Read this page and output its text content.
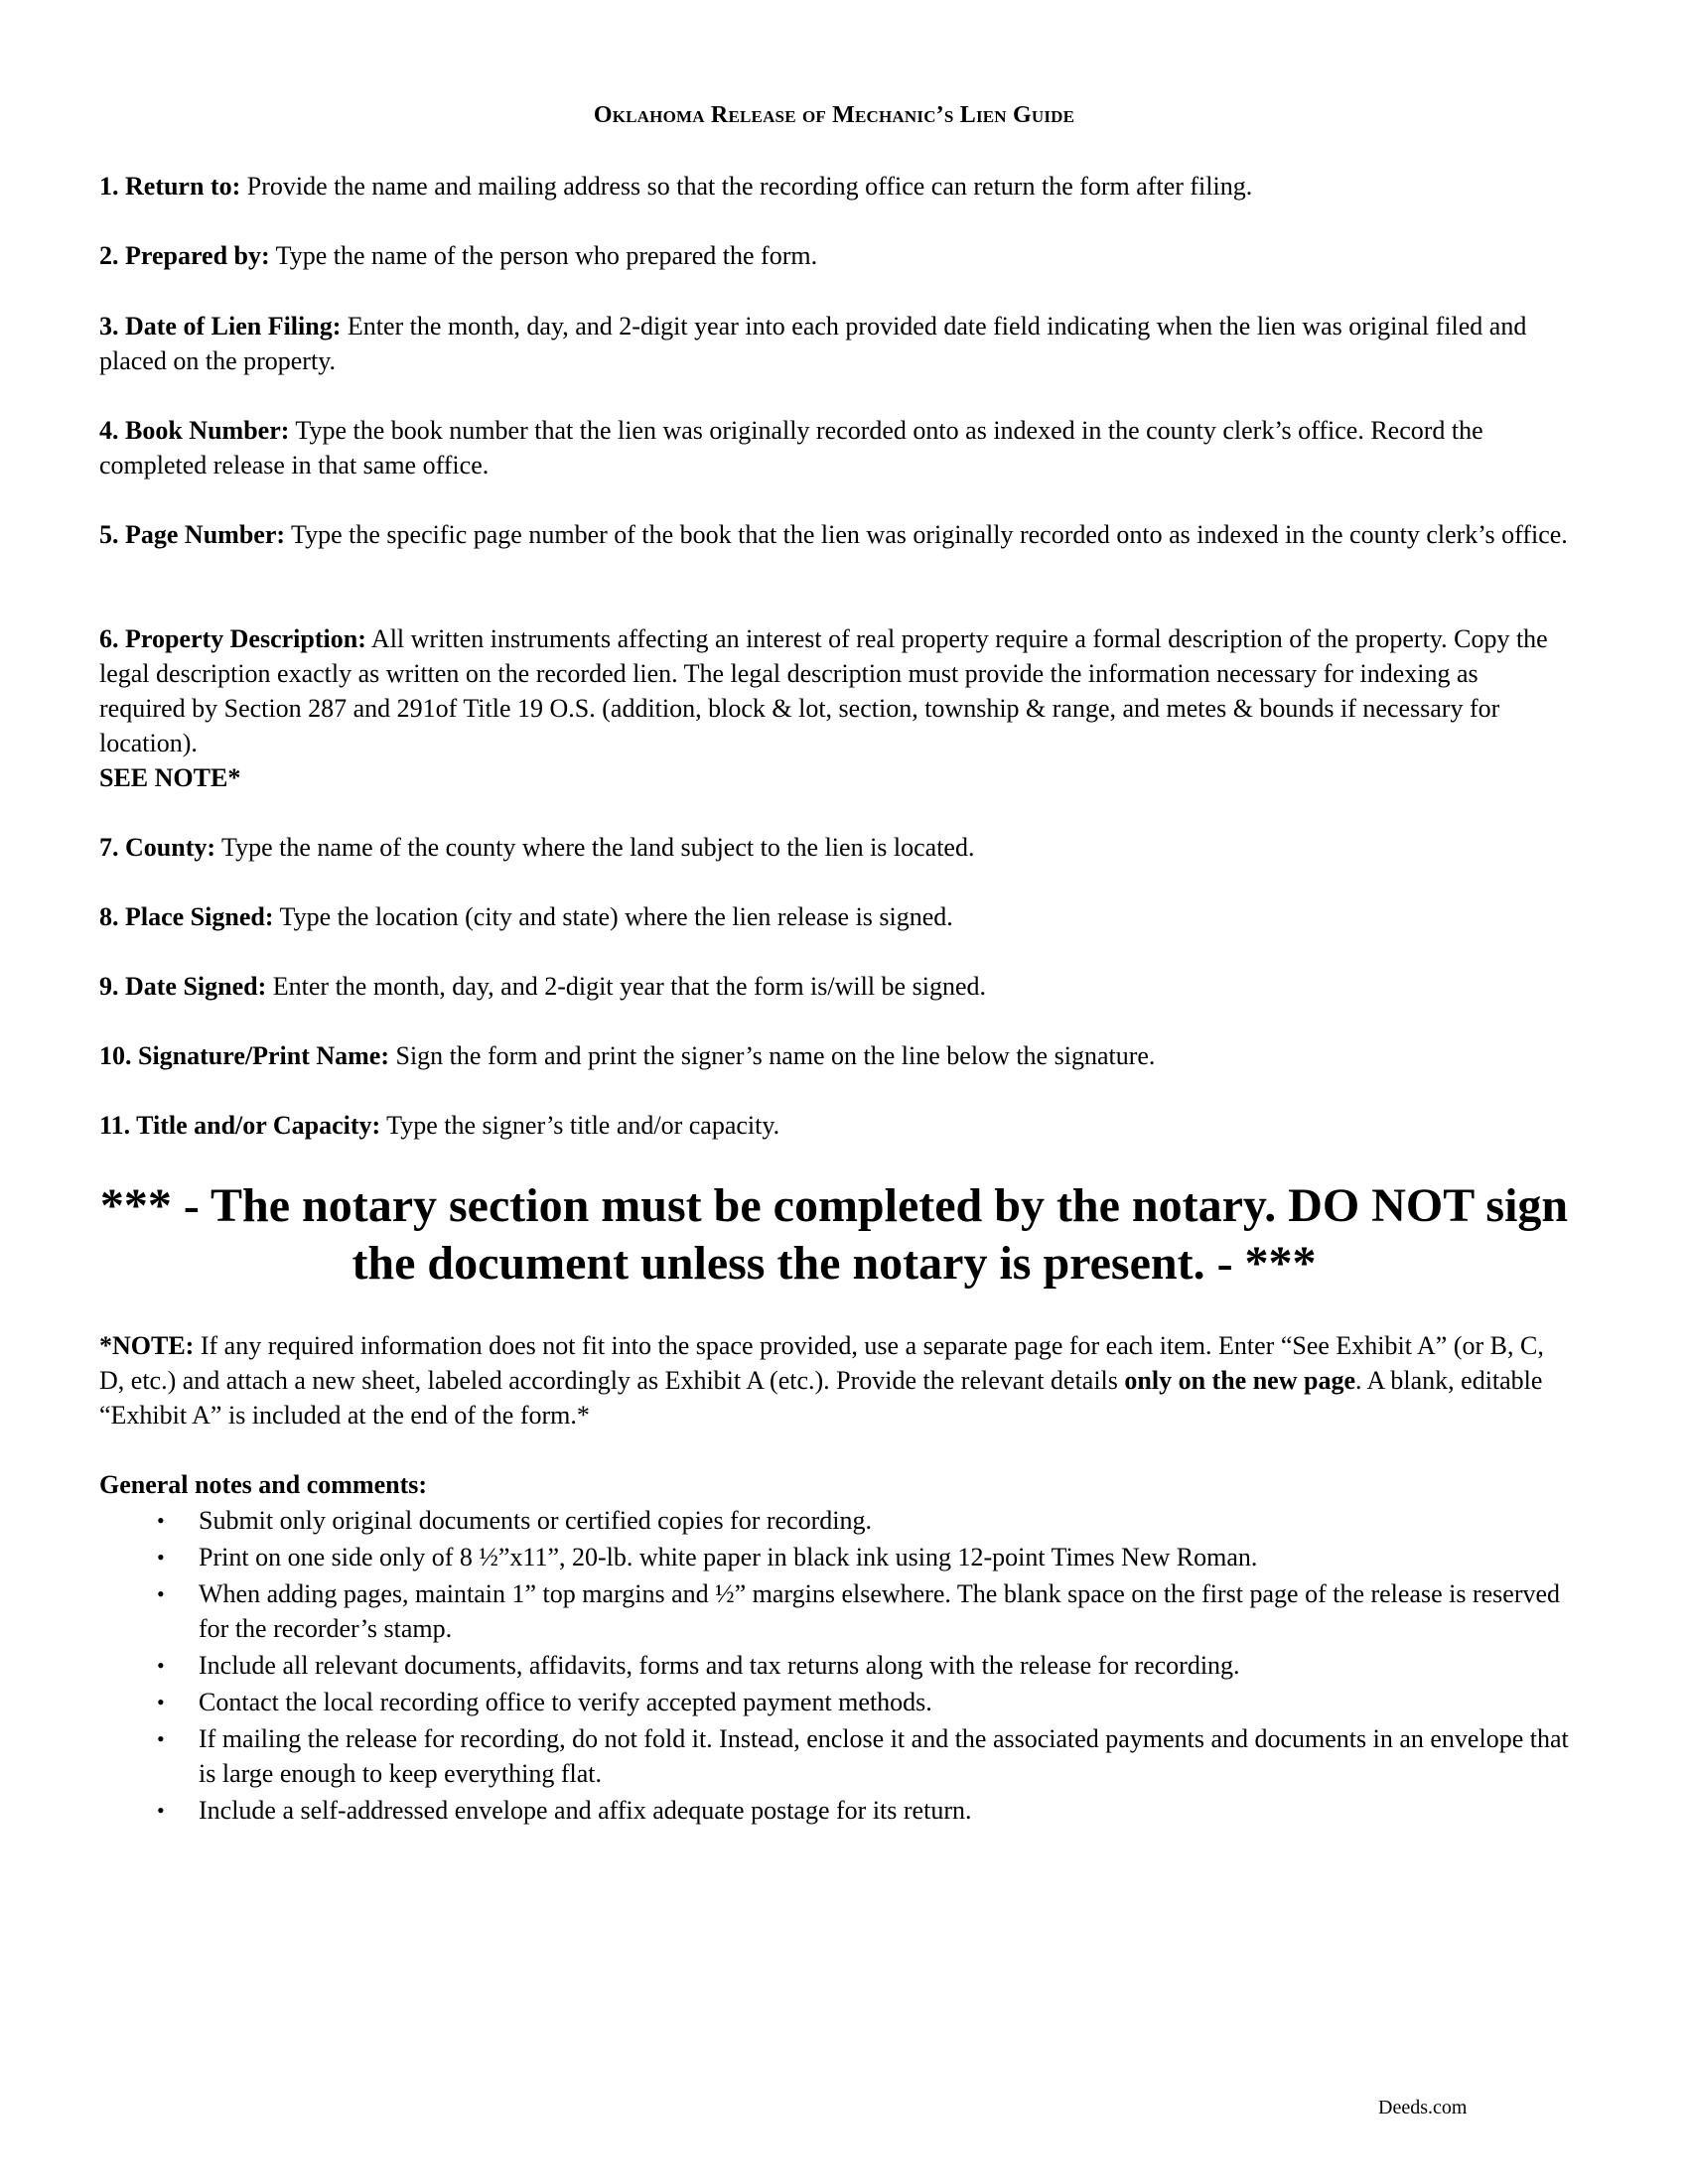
Oklahoma Release of Mechanic’s Lien Guide
1. Return to: Provide the name and mailing address so that the recording office can return the form after filing.
2. Prepared by: Type the name of the person who prepared the form.
3. Date of Lien Filing: Enter the month, day, and 2-digit year into each provided date field indicating when the lien was original filed and placed on the property.
4. Book Number: Type the book number that the lien was originally recorded onto as indexed in the county clerk’s office. Record the completed release in that same office.
5. Page Number: Type the specific page number of the book that the lien was originally recorded onto as indexed in the county clerk’s office.
6. Property Description: All written instruments affecting an interest of real property require a formal description of the property. Copy the legal description exactly as written on the recorded lien. The legal description must provide the information necessary for indexing as required by Section 287 and 291of Title 19 O.S. (addition, block & lot, section, township & range, and metes & bounds if necessary for location).
SEE NOTE*
7. County: Type the name of the county where the land subject to the lien is located.
8. Place Signed: Type the location (city and state) where the lien release is signed.
9. Date Signed: Enter the month, day, and 2-digit year that the form is/will be signed.
10. Signature/Print Name: Sign the form and print the signer’s name on the line below the signature.
11. Title and/or Capacity: Type the signer’s title and/or capacity.
*** - The notary section must be completed by the notary. DO NOT sign the document unless the notary is present. - ***
*NOTE: If any required information does not fit into the space provided, use a separate page for each item. Enter “See Exhibit A” (or B, C, D, etc.) and attach a new sheet, labeled accordingly as Exhibit A (etc.). Provide the relevant details only on the new page. A blank, editable “Exhibit A” is included at the end of the form.*
General notes and comments:
• Submit only original documents or certified copies for recording.
• Print on one side only of 8 ½”x11”, 20-lb. white paper in black ink using 12-point Times New Roman.
• When adding pages, maintain 1” top margins and ½” margins elsewhere. The blank space on the first page of the release is reserved for the recorder’s stamp.
• Include all relevant documents, affidavits, forms and tax returns along with the release for recording.
• Contact the local recording office to verify accepted payment methods.
• If mailing the release for recording, do not fold it. Instead, enclose it and the associated payments and documents in an envelope that is large enough to keep everything flat.
• Include a self-addressed envelope and affix adequate postage for its return.
Deeds.com
